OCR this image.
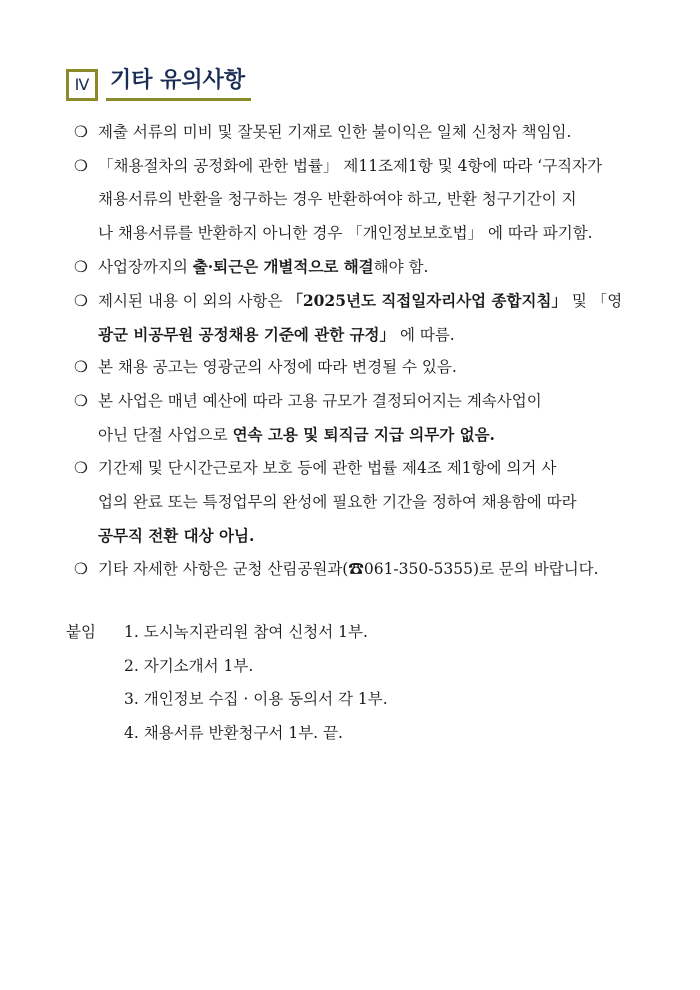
Ⅳ 기타 유의사항
❍ 제출 서류의 미비 및 잘못된 기재로 인한 불이익은 일체 신청자 책임임.
❍ 「채용절차의 공정화에 관한 법률」 제11조제1항 및 4항에 따라 ‘구직자가
채용서류의 반환을 청구하는 경우 반환하여야 하고, 반환 청구기간이 지
나 채용서류를 반환하지 아니한 경우 「개인정보보호법」 에 따라 파기함.
❍ 사업장까지의 출·퇴근은 개별적으로 해결해야 함.
❍ 제시된 내용 이 외의 사항은 「2025년도 직접일자리사업 종합지침」 및 「영
광군 비공무원 공정채용 기준에 관한 규정」 에 따름.
❍ 본 채용 공고는 영광군의 사정에 따라 변경될 수 있음.
❍ 본 사업은 매년 예산에 따라 고용 규모가 결정되어지는 계속사업이
아닌 단절 사업으로 연속 고용 및 퇴직금 지급 의무가 없음.
❍ 기간제 및 단시간근로자 보호 등에 관한 법률 제4조 제1항에 의거 사
업의 완료 또는 특정업무의 완성에 필요한 기간을 정하여 채용함에 따라
공무직 전환 대상 아님.
❍ 기타 자세한 사항은 군청 산림공원과(☎061-350-5355)로 문의 바랍니다.
붙임	1. 도시녹지관리원 참여 신청서 1부.
2. 자기소개서 1부.
3. 개인정보 수집 · 이용 동의서 각 1부.
4. 채용서류 반환청구서 1부. 끝.
